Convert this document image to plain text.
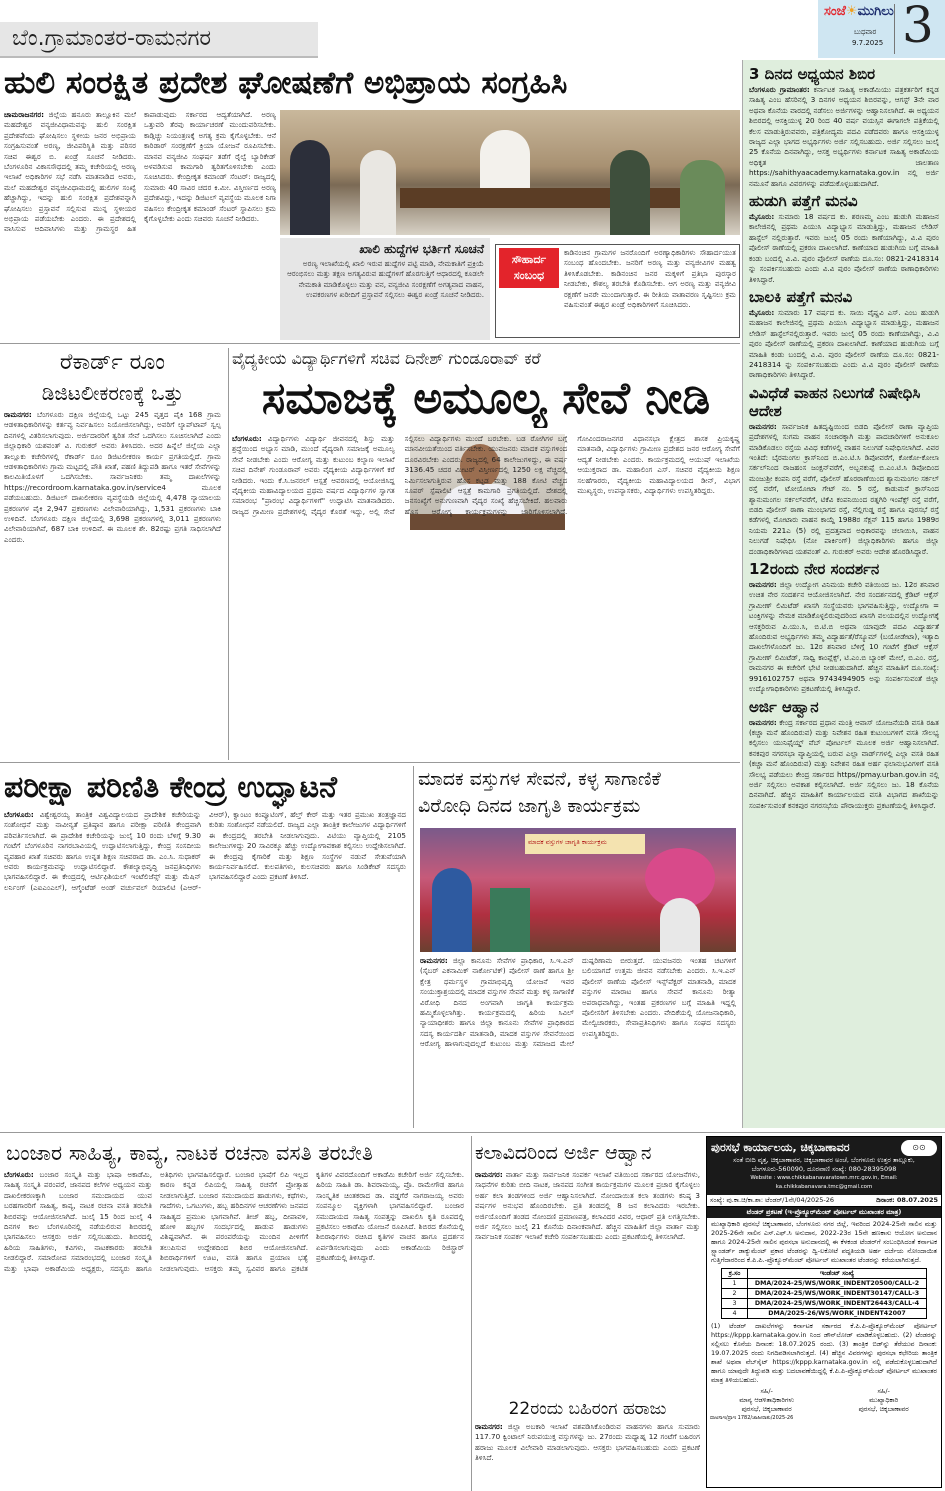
ಬೆಂ.ಗ್ರಾಮಾಂತರ-ರಾಮನಗರ
ಸಂಜೆ☀ಮುಗಿಲು
ಬುಧವಾರ
9.7.2025 3
ಹುಲಿ ಸಂರಕ್ಷಿತ ಪ್ರದೇಶ ಘೋಷಣೆಗೆ ಅಭಿಪ್ರಾಯ ಸಂಗ್ರಹಿಸಿ
ಚಾಮರಾಜನಗರ: ಜಿಲ್ಲೆಯ ಹನೂರು ತಾಲ್ಲೂಕಿನ ಮಲೆ ಮಹದೇಶ್ವರ ವನ್ಯಜೀವಿಧಾಮವನ್ನು ಹುಲಿ ಸಂರಕ್ಷಿತ ಪ್ರದೇಶವೆಂದು ಘೋಷಿಸಲು ಸ್ಥಳೀಯ ಜನರ ಅಭಿಪ್ರಾಯ ಸಂಗ್ರಹಿಸುವಂತೆ ಅರಣ್ಯ, ಜೀವಿಪರಿಸ್ಥಿತಿ ಮತ್ತು ಪರಿಸರ ಸಚಿವ ಈಶ್ವರ ಬಿ. ಖಂಡ್ರೆ ಸೂಚನೆ ನೀಡಿದರು. ಬೆಂಗಳೂರಿನ ವಿಕಾಸಸೌಧದಲ್ಲಿ ತಮ್ಮ ಕಚೇರಿಯಲ್ಲಿ ಅರಣ್ಯ ಇಲಾಖೆ ಅಧಿಕಾರಿಗಳ ಸಭೆ ನಡೆಸಿ ಮಾತನಾಡಿದ ಅವರು, ಮಲೆ ಮಹದೇಶ್ವರ ವನ್ಯಜೀವಿಧಾಮದಲ್ಲಿ ಹುಲಿಗಳ ಸಂಖ್ಯೆ ಹೆಚ್ಚಾಗಿದ್ದು, ಇದನ್ನು ಹುಲಿ ಸಂರಕ್ಷಿತ ಪ್ರದೇಶವನ್ನಾಗಿ ಘೋಷಿಸಲು ಪ್ರಸ್ತಾವನೆ ಸಲ್ಲಿಸುವ ಮುನ್ನ ಸ್ಥಳೀಯರ ಅಭಿಪ್ರಾಯ ಪಡೆಯಬೇಕು ಎಂದರು. ಈ ಪ್ರದೇಶದಲ್ಲಿ ವಾಸಿಸುವ ಆದಿವಾಸಿಗಳು ಮತ್ತು ಗ್ರಾಮಸ್ಥರ ಹಿತ ಕಾಪಾಡುವುದು ಸರ್ಕಾರದ ಆದ್ಯತೆಯಾಗಿದೆ. ಅರಣ್ಯ ಒತ್ತುವರಿ ತೆರವು ಕಾರ್ಯಾಚರಣೆ ಮುಂದುವರಿಸಬೇಕು. ಕಾಡ್ಗಿಚ್ಚು ನಿಯಂತ್ರಣಕ್ಕೆ ಅಗತ್ಯ ಕ್ರಮ ಕೈಗೊಳ್ಳಬೇಕು. ಆನೆ ಕಾರಿಡಾರ್ ಸಂರಕ್ಷಣೆಗೆ ಕ್ರಿಯಾ ಯೋಜನೆ ರೂಪಿಸಬೇಕು. ಮಾನವ ವನ್ಯಜೀವಿ ಸಂಘರ್ಷ ತಡೆಗೆ ರೈಲ್ವೆ ಬ್ಯಾರಿಕೇಡ್ ಅಳವಡಿಸುವ ಕಾಮಗಾರಿ ತ್ವರಿತಗೊಳಿಸಬೇಕು ಎಂದು ಸೂಚಿಸಿದರು. ಕೇಂದ್ರೀಕೃತ ಕಮಾಂಡ್ ಸೆಂಟರ್: ರಾಜ್ಯದಲ್ಲಿ ಸುಮಾರು 40 ಸಾವಿರ ಚದರ ಕಿ.ಮೀ. ವಿಸ್ತೀರ್ಣದ ಅರಣ್ಯ ಪ್ರದೇಶವಿದ್ದು, ಇದನ್ನು ಡಿಜಿಟಲ್ ವ್ಯವಸ್ಥೆಯ ಮೂಲಕ ನಿಗಾ ವಹಿಸಲು ಕೇಂದ್ರೀಕೃತ ಕಮಾಂಡ್ ಸೆಂಟರ್ ಸ್ಥಾಪಿಸಲು ಕ್ರಮ ಕೈಗೊಳ್ಳಬೇಕು ಎಂದು ಸಚಿವರು ಸೂಚನೆ ನೀಡಿದರು.
ಖಾಲಿ ಹುದ್ದೆಗಳ ಭರ್ತಿಗೆ ಸೂಚನೆ
ಅರಣ್ಯ ಇಲಾಖೆಯಲ್ಲಿ ಖಾಲಿ ಇರುವ ಹುದ್ದೆಗಳ ಪಟ್ಟಿ ಮಾಡಿ, ನೇಮಕಾತಿಗೆ ಪ್ರಕ್ರಿಯೆ ಆರಂಭಿಸಲು ಮತ್ತು ತಕ್ಷಣ ಅಗತ್ಯವಿರುವ ಹುದ್ದೆಗಳಿಗೆ ಹೊರಗುತ್ತಿಗೆ ಆಧಾರದಲ್ಲಿ ಕೂಡಲೇ ನೇಮಕಾತಿ ಮಾಡಿಕೊಳ್ಳಲು ಮತ್ತು ವನ, ವನ್ಯಜೀವಿ ಸಂರಕ್ಷಣೆಗೆ ಅಗತ್ಯವಾದ ವಾಹನ, ಉಪಕರಣಗಳ ಖರೀದಿಗೆ ಪ್ರಸ್ತಾವನೆ ಸಲ್ಲಿಸಲು ಈಶ್ವರ ಖಂಡ್ರೆ ಸೂಚನೆ ನೀಡಿದರು.
ಸೌಹಾರ್ದ ಸಂಬಂಧ
ಕಾಡಿನಂಚಿನ ಗ್ರಾಮಗಳ ಜನರೊಂದಿಗೆ ಅರಣ್ಯಾಧಿಕಾರಿಗಳು ಸೌಹಾರ್ದಯುತ ಸಂಬಂಧ ಹೊಂದಬೇಕು. ಜನರಿಗೆ ಅರಣ್ಯ ಮತ್ತು ವನ್ಯಜೀವಿಗಳ ಮಹತ್ವ ತಿಳಿಸಿಕೊಡಬೇಕು. ಕಾಡಿನಂಚಿನ ಜನರ ಮಕ್ಕಳಿಗೆ ಪ್ರತಿಭಾ ಪುರಸ್ಕಾರ ನೀಡಬೇಕು, ಕೌಶಲ್ಯ ತರಬೇತಿ ಕೊಡಿಸಬೇಕು. ಆಗ ಅರಣ್ಯ ಮತ್ತು ವನ್ಯಜೀವಿ ರಕ್ಷಣೆಗೆ ಜನರೇ ಮುಂದಾಗುತ್ತಾರೆ. ಈ ರೀತಿಯ ವಾತಾವರಣ ಸೃಷ್ಟಿಸಲು ಕ್ರಮ ವಹಿಸುವಂತೆ ಈಶ್ವರ ಖಂಡ್ರೆ ಅಧಿಕಾರಿಗಳಿಗೆ ಸೂಚಿಸಿದರು.
3 ದಿನದ ಅಧ್ಯಯನ ಶಿಬಿರ

ಬೆಂಗಳೂರು ಗ್ರಾಮಾಂತರ: ಕರ್ನಾಟಕ ಸಾಹಿತ್ಯ ಅಕಾಡೆಮಿಯು ಪತ್ರಕರ್ತರಿಗೆ ಕನ್ನಡ ಸಾಹಿತ್ಯ ಎಂಬ ಹೆಸರಿನಲ್ಲಿ 3 ದಿನಗಳ ಅಧ್ಯಯನ ಶಿಬಿರವನ್ನು, ಆಗಸ್ಟ್ 3ನೇ ವಾರ ಅಥವಾ ಕೊನೆಯ ವಾರದಲ್ಲಿ ನಡೆಸಲು ಅರ್ಜಿಗಳನ್ನು ಆಹ್ವಾನಿಸಲಾಗಿದೆ. ಈ ಅಧ್ಯಯನ ಶಿಬಿರದಲ್ಲಿ ಆಸಕ್ತಿಯುಳ್ಳ 20 ರಿಂದ 40 ವರ್ಷ ವಯಸ್ಸಿನ ಈಗಾಗಲೇ ಪತ್ರಿಕೆಯಲ್ಲಿ ಕೆಲಸ ಮಾಡುತ್ತಿರುವವರು, ಪತ್ರಿಕೋದ್ಯಮ ಪದವಿ ಪಡೆದವರು ಹಾಗೂ ಆಸಕ್ತಿಯುಳ್ಳ ರಾಜ್ಯದ ಎಲ್ಲಾ ಭಾಗದ ಅಭ್ಯರ್ಥಿಗಳು ಅರ್ಜಿ ಸಲ್ಲಿಸಬಹುದು. ಅರ್ಜಿ ಸಲ್ಲಿಸಲು ಜುಲೈ 25 ಕೊನೆಯ ದಿನವಾಗಿದ್ದು, ಆಸಕ್ತ ಅಭ್ಯರ್ಥಿಗಳು ಕರ್ನಾಟಕ ಸಾಹಿತ್ಯ ಅಕಾಡೆಮಿಯ ಅಧಿಕೃತ ಜಾಲತಾಣ https://sahithyaacademy.karnataka.gov.in ನಲ್ಲಿ ಅರ್ಜಿ ನಮೂನೆ ಹಾಗೂ ವಿವರಗಳನ್ನು ಪಡೆದುಕೊಳ್ಳಬಹುದಾಗಿದೆ.

ಹುಡುಗಿ ಪತ್ತೆಗೆ ಮನವಿ

ಮೈಸೂರು: ಸುಮಾರು 18 ವರ್ಷದ ಕು. ಶರಣಮ್ಮ ಎಂಬ ಹುಡುಗಿ ಮಹಾಜನ ಕಾಲೇಜಿನಲ್ಲಿ ಪ್ರಥಮ ಪಿಯುಸಿ ವಿದ್ಯಾಭ್ಯಾಸ ಮಾಡುತ್ತಿದ್ದು, ಮಹಾಜನ ಲೇಡಿಸ್ ಹಾಸ್ಟೆಲ್ ನಲ್ಲಿರುತ್ತಾರೆ. ಇವರು ಜುಲೈ 05 ರಂದು ಕಾಣೆಯಾಗಿದ್ದು, ವಿ.ವಿ ಪುರಂ ಪೊಲೀಸ್ ಠಾಣೆಯಲ್ಲಿ ಪ್ರಕರಣ ದಾಖಲಾಗಿದೆ. ಕಾಣೆಯಾದ ಹುಡುಗಿಯ ಬಗ್ಗೆ ಮಾಹಿತಿ ಕಂಡು ಬಂದಲ್ಲಿ ವಿ.ವಿ. ಪುರಂ ಪೊಲೀಸ್ ಠಾಣೆಯ ದೂ.ಸಂ: 0821-2418314 ನ್ನು ಸಂಪರ್ಕಿಸಬಹುದು ಎಂದು ವಿ.ವಿ ಪುರಂ ಪೊಲೀಸ್ ಠಾಣೆಯ ಠಾಣಾಧಿಕಾರಿಗಳು ತಿಳಿಸಿದ್ದಾರೆ.

ಬಾಲಕಿ ಪತ್ತೆಗೆ ಮನವಿ

ಮೈಸೂರು: ಸುಮಾರು 17 ವರ್ಷದ ಕು. ಸಾಯಿ ವೈಷ್ಣವಿ ಎಸ್. ಎಂಬ ಹುಡುಗಿ ಮಹಾಜನ ಕಾಲೇಜಿನಲ್ಲಿ ಪ್ರಥಮ ಪಿಯುಸಿ ವಿದ್ಯಾಭ್ಯಾಸ ಮಾಡುತ್ತಿದ್ದು, ಮಹಾಜನ ಲೇಡಿಸ್ ಹಾಸ್ಟೆಲ್‌ನಲ್ಲಿರುತ್ತಾರೆ. ಇವರು ಜುಲೈ 05 ರಂದು ಕಾಣೆಯಾಗಿದ್ದು, ವಿ.ವಿ ಪುರಂ ಪೊಲೀಸ್ ಠಾಣೆಯಲ್ಲಿ ಪ್ರಕರಣ ದಾಖಲಾಗಿದೆ. ಕಾಣೆಯಾದ ಹುಡುಗಿಯ ಬಗ್ಗೆ ಮಾಹಿತಿ ಕಂಡು ಬಂದಲ್ಲಿ ವಿ.ವಿ. ಪುರಂ ಪೊಲೀಸ್ ಠಾಣೆಯ ದೂ.ಸಂ: 0821-2418314 ನ್ನು ಸಂಪರ್ಕಿಸಬಹುದು ಎಂದು ವಿ.ವಿ ಪುರಂ ಪೊಲೀಸ್ ಠಾಣೆಯ ಠಾಣಾಧಿಕಾರಿಗಳು ತಿಳಿಸಿದ್ದಾರೆ.

ವಿವಿಧೆಡೆ ವಾಹನ ನಿಲುಗಡೆ ನಿಷೇಧಿಸಿ ಆದೇಶ

ರಾಮನಗರ: ಸಾರ್ವಜನಿಕ ಹಿತದೃಷ್ಟಿಯಿಂದ ಬಿಡದಿ ಪೊಲೀಸ್ ಠಾಣಾ ವ್ಯಾಪ್ತಿಯ ಪ್ರದೇಶಗಳಲ್ಲಿ ಸುಗಮ ವಾಹನ ಸಂಚಾರಕ್ಕಾಗಿ ಮತ್ತು ಪಾದಚಾರಿಗಳಿಗೆ ಅನುಕೂಲ ಮಾಡಿಕೊಡಲು ರಸ್ತೆಯ ವಿವಿಧ ಕಡೆಗಳಲ್ಲಿ ವಾಹನ ನಿಲುಗಡೆ ನಿಷೇಧಿಸಲಾಗಿದೆ. ವಿವರ ಇಂತಿದೆ: ಬೈರಮಂಗಲ ಕ್ರಾಸ್‌ನಿಂದ ಬಿ.ಎಂ.ಟಿ.ಸಿ ಡಿಪೋವರೆಗೆ, ಕೋಕೋ-ಕೋಲಾ ಸರ್ಕಲ್‌ನಿಂದ ರಾಜಹಂಸ ಜಂಕ್ಷನ್‌ವರೆಗೆ, ಅಬ್ಬನಕುಪ್ಪೆ ಬಿ.ಎಂ.ಟಿ.ಸಿ ಡಿಪೋದಿಂದ ಮಂಜುಶ್ರೀ ಕಂಪನಿ ರಸ್ತೆ ವರೆಗೆ, ಪೊಲೀಸ್ ಹೊರಠಾಣೆಯಿಂದ ಶ್ಯಾನುಮಂಗಲ ಸರ್ಕಲ್ ರಸ್ತೆ ವರೆಗೆ, ಟೋಯೋಟಾ ಗೇಟ್ ನಂ. 5 ರಸ್ತೆ, ಕಾಡುಮನೆ ಕ್ರಾಸ್‌ನಿಂದ ಶ್ಯಾನುಮಂಗಲ ಸರ್ಕಲ್‌ವರೆಗೆ, ಟಿಕೆವಿ ಕಂಪನಿಯಿಂದ ರತ್ನಗಿರಿ ಇಂಪೆಕ್ಸ್ ರಸ್ತೆ ವರೆಗೆ, ಬಿಡದಿ ಪೊಲೀಸ್ ಠಾಣಾ ಮುಂಭಾಗದ ರಸ್ತೆ, ನೆಲ್ಲಿಗುಡ್ಡ ರಸ್ತೆ ಹಾಗೂ ಪುರಸಭೆ ರಸ್ತೆ ಕಡೆಗಳಲ್ಲಿ ಮೋಟಾರು ವಾಹನ ಕಾಯ್ದೆ 1988ರ ಸೆಕ್ಷನ್ 115 ಹಾಗೂ 1989ರ ನಿಯಮ 221ಎ (5) ರಲ್ಲಿ ಪ್ರದತ್ತವಾದ ಅಧಿಕಾರವನ್ನು ಚಲಾಯಿಸಿ, ವಾಹನ ನಿಲುಗಡೆ ನಿಷೇಧಿಸಿ (ನೋ ಪಾರ್ಕಿಂಗ್) ಜಿಲ್ಲಾಧಿಕಾರಿಗಳು ಹಾಗೂ ಜಿಲ್ಲಾ ದಂಡಾಧಿಕಾರಿಗಳಾದ ಯಶವಂತ್ ವಿ. ಗುರುಕರ್ ಅವರು ಆದೇಶ ಹೊರಡಿಸಿದ್ದಾರೆ.

12ರಂದು ನೇರ ಸಂದರ್ಶನ

ರಾಮನಗರ: ಜಿಲ್ಲಾ ಉದ್ಯೋಗ ವಿನಿಮಯ ಕಚೇರಿ ವತಿಯಿಂದ ಜು. 12ರ ಶನಿವಾರ ಉಚಿತ ನೇರ ಸಂದರ್ಶನ ಆಯೋಜಿಸಲಾಗಿದೆ. ನೇರ ಸಂದರ್ಶನದಲ್ಲಿ ಕ್ರೆಡಿಟ್ ಆಕ್ಸೆಸ್ ಗ್ರಾಮೀಣ್ ಲಿಮಿಟೆಡ್ ಖಾಸಗಿ ಸಂಸ್ಥೆಯವರು ಭಾಗವಹಿಸುತ್ತಿದ್ದು, ಉದ್ಯೋಗಾ = ಟಂಕ್ತಿಗಳನ್ನು ನೇಮಕ ಮಾಡಿಕೊಳ್ಳಲಿರುವುದರಿಂದ ಖಾಸಗಿ ವಲಯದಲ್ಲಿನ ಉದ್ಯೋಗಕ್ಕೆ ಆಸಕ್ತರಿರುವ ಪಿ.ಯು.ಸಿ, ಬಿ.ಟಿ.ಬಿ ಅಥವಾ ಯಾವುದೇ ಪದವಿ ವಿದ್ಯಾರ್ಹತೆ ಹೊಂದಿರುವ ಅಭ್ಯರ್ಥಿಗಳು ತಮ್ಮ ವಿದ್ಯಾರ್ಹತೆ/ರೆಸ್ಯೂಮ್ (ಬಯೋಡೇಟಾ), ಇತ್ಯಾದಿ ದಾಖಲೆಗಳೊಂದಿಗೆ ಜು. 12ರ ಶನಿವಾರ ಬೆಳಿಗ್ಗೆ 10 ಗಂಟೆಗೆ ಕ್ರೆಡಿಟ್ ಆಕ್ಸೆಸ್ ಗ್ರಾಮೀಣ್ ಲಿಮಿಟೆಡ್, ಸಾಧ್ವಿ ಕಾಂಪ್ಲೆಕ್ಸ್, ಟಿ.ಎಂ.ಬಿ ಬ್ಯಾಂಕ್ ಮೇಲೆ, ಬಿ.ಎಂ. ರಸ್ತೆ, ರಾಮನಗರ ಈ ಕಚೇರಿಗೆ ಭೇಟಿ ನೀಡಬಹುದಾಗಿದೆ. ಹೆಚ್ಚಿನ ಮಾಹಿತಿಗೆ ದೂ.ಸಂಖ್ಯೆ: 9916102757 ಅಥವಾ 9743494905 ಅನ್ನು ಸಂಪರ್ಕಿಸುವಂತೆ ಜಿಲ್ಲಾ ಉದ್ಯೋಗಾಧಿಕಾರಿಗಳು ಪ್ರಕಟಣೆಯಲ್ಲಿ ತಿಳಿಸಿದ್ದಾರೆ.

ಅರ್ಜಿ ಆಹ್ವಾನ

ರಾಮನಗರ: ಕೇಂದ್ರ ಸರ್ಕಾರದ ಪ್ರಧಾನ ಮಂತ್ರಿ ಆವಾಸ್ ಯೋಜನೆಯಡಿ ವಸತಿ ರಹಿತ (ಕಚ್ಚಾ ಮನೆ ಹೊಂದಿರುವ) ಮತ್ತು ನಿವೇಶನ ರಹಿತ ಕುಟುಂಬಗಳಿಗೆ ವಸತಿ ಸೌಲಭ್ಯ ಕಲ್ಪಿಸಲು ಯುನಿಫೈಯ್ಡ್ ವೆಬ್ ಪೋರ್ಟಲ್ ಮೂಲಕ ಅರ್ಜಿ ಆಹ್ವಾನಿಸಲಾಗಿದೆ. ಕನಕಪುರ ನಗರಸಭಾ ವ್ಯಾಪ್ತಿಯಲ್ಲಿ ಬರುವ ಎಲ್ಲಾ ವಾರ್ಡ್‌ಗಳಲ್ಲಿ ಎಲ್ಲಾ ವಸತಿ ರಹಿತ (ಕಚ್ಚಾ ಮನೆ ಹೊಂದಿರುವ) ಮತ್ತು ನಿವೇಶನ ರಹಿತ ಅರ್ಹ ಫಲಾನುಭವಿಗಳಿಗೆ ವಸತಿ ಸೌಲಭ್ಯ ಪಡೆಯಲು ಕೇಂದ್ರ ಸರ್ಕಾರದ https//pmay.urban.gov.in ನಲ್ಲಿ ಅರ್ಜಿ ಸಲ್ಲಿಸಲು ಅವಕಾಶ ಕಲ್ಪಿಸಲಾಗಿದೆ. ಅರ್ಜಿ ಸಲ್ಲಿಸಲು ಜು. 18 ಕೊನೆಯ ದಿನವಾಗಿದೆ. ಹೆಚ್ಚಿನ ಮಾಹಿತಿಗೆ ಕಾರ್ಯಾಲಯದ ವಸತಿ ವಿಭಾಗದ ಶಾಖೆಯನ್ನು ಸಂಪರ್ಕಿಸುವಂತೆ ಕನಕಪುರ ನಗರಸಭೆಯ ಪೌರಾಯುಕ್ತರು ಪ್ರಕಟಣೆಯಲ್ಲಿ ತಿಳಿಸಿದ್ದಾರೆ.

ರೆಕಾರ್ಡ್ ರೂಂ
ಡಿಜಿಟಲೀಕರಣಕ್ಕೆ ಒತ್ತು
ರಾಮನಗರ: ಬೆಂಗಳೂರು ದಕ್ಷಿಣ ಜಿಲ್ಲೆಯಲ್ಲಿ ಒಟ್ಟು 245 ವೃತ್ತದ ಪೈಕಿ 168 ಗ್ರಾಮ ಆಡಳಿತಾಧಿಕಾರಿಗಳನ್ನು ಕರ್ತವ್ಯ ನಿರ್ವಹಿಸಲು ನಿಯೋಜಿಸಲಾಗಿದ್ದು, ಅವರಿಗೆ ಲ್ಯಾಪ್‌ಟಾಪ್ ಸ್ವಲ್ಪ ದಿನಗಳಲ್ಲಿ ವಿತರಿಸಲಾಗುವುದು. ಅರ್ಜಿದಾರರಿಗೆ ತ್ವರಿತ ಸೇವೆ ಒದಗಿಸಲು ಸೂಚಿಸಲಾಗಿದೆ ಎಂದು ಜಿಲ್ಲಾಧಿಕಾರಿ ಯಶವಂತ್ ವಿ. ಗುರುಕರ್ ಅವರು ತಿಳಿಸಿದರು. ಅದರ ಹಿನ್ನೆಲೆ ಜಿಲ್ಲೆಯ ಎಲ್ಲಾ ತಾಲ್ಲೂಕು ಕಚೇರಿಗಳಲ್ಲಿ ರೆಕಾರ್ಡ್ ರೂಂ ಡಿಜಿಟಲೀಕರಣ ಕಾರ್ಯ ಪ್ರಗತಿಯಲ್ಲಿದೆ. ಗ್ರಾಮ ಆಡಳಿತಾಧಿಕಾರಿಗಳು ಗ್ರಾಮ ಮಟ್ಟದಲ್ಲಿ ಪೌತಿ ಖಾತೆ, ಪಹಣಿ ತಿದ್ದುಪಡಿ ಹಾಗೂ ಇತರೆ ಸೇವೆಗಳನ್ನು ಕಾಲಮಿತಿಯೊಳಗೆ ಒದಗಿಸಬೇಕು. ಸಾರ್ವಜನಿಕರು ತಮ್ಮ ದಾಖಲೆಗಳನ್ನು https://recordroom.karnataka.gov.in/service4 ಮೂಲಕ ಪಡೆಯಬಹುದು. ಡಿಜಿಟಲ್ ದಾಖಲೀಕರಣ ವ್ಯವಸ್ಥೆಯಡಿ ಜಿಲ್ಲೆಯಲ್ಲಿ 4,478 ನ್ಯಾಯಾಲಯ ಪ್ರಕರಣಗಳ ಪೈಕಿ 2,947 ಪ್ರಕರಣಗಳು ವಿಲೇವಾರಿಯಾಗಿದ್ದು, 1,531 ಪ್ರಕರಣಗಳು ಬಾಕಿ ಉಳಿದಿವೆ. ಬೆಂಗಳೂರು ದಕ್ಷಿಣ ಜಿಲ್ಲೆಯಲ್ಲಿ 3,698 ಪ್ರಕರಣಗಳಲ್ಲಿ 3,011 ಪ್ರಕರಣಗಳು ವಿಲೇವಾರಿಯಾಗಿವೆ, 687 ಬಾಕಿ ಉಳಿದಿವೆ. ಈ ಮೂಲಕ ಶೇ. 82ರಷ್ಟು ಪ್ರಗತಿ ಸಾಧಿಸಲಾಗಿದೆ ಎಂದರು.
ವೈದ್ಯಕೀಯ ವಿದ್ಯಾರ್ಥಿಗಳಿಗೆ ಸಚಿವ ದಿನೇಶ್ ಗುಂಡೂರಾವ್ ಕರೆ
ಸಮಾಜಕ್ಕೆ ಅಮೂಲ್ಯ ಸೇವೆ ನೀಡಿ
ಬೆಂಗಳೂರು: ವಿದ್ಯಾರ್ಥಿಗಳು ವಿದ್ಯಾರ್ಥಿ ಜೀವನದಲ್ಲಿ ಶಿಸ್ತು ಮತ್ತು ಶ್ರದ್ಧೆಯಿಂದ ಅಭ್ಯಾಸ ಮಾಡಿ, ಮುಂದೆ ವೈದ್ಯರಾಗಿ ಸಮಾಜಕ್ಕೆ ಅಮೂಲ್ಯ ಸೇವೆ ನೀಡಬೇಕು ಎಂದು ಆರೋಗ್ಯ ಮತ್ತು ಕುಟುಂಬ ಕಲ್ಯಾಣ ಇಲಾಖೆ ಸಚಿವ ದಿನೇಶ್ ಗುಂಡೂರಾವ್ ಅವರು ವೈದ್ಯಕೀಯ ವಿದ್ಯಾರ್ಥಿಗಳಿಗೆ ಕರೆ ನೀಡಿದರು. ಇಂದು ಕೆ.ಸಿ.ಜನರಲ್ ಆಸ್ಪತ್ರೆ ಆವರಣದಲ್ಲಿ ಆಯೋಜಿಸಿದ್ದ ವೈದ್ಯಕೀಯ ಮಹಾವಿದ್ಯಾಲಯದ ಪ್ರಥಮ ವರ್ಷದ ವಿದ್ಯಾರ್ಥಿಗಳ ಸ್ವಾಗತ ಸಮಾರಂಭ "ಪ್ರಾರಂಭ ವಿದ್ಯಾರ್ಥಿಗಳಿಗೆ" ಉದ್ಘಾಟಿಸಿ ಮಾತನಾಡಿದರು. ರಾಜ್ಯದ ಗ್ರಾಮೀಣ ಪ್ರದೇಶಗಳಲ್ಲಿ ವೈದ್ಯರ ಕೊರತೆ ಇದ್ದು, ಅಲ್ಲಿ ಸೇವೆ ಸಲ್ಲಿಸಲು ವಿದ್ಯಾರ್ಥಿಗಳು ಮುಂದೆ ಬರಬೇಕು. ಬಡ ರೋಗಿಗಳ ಬಗ್ಗೆ ಮಾನವೀಯತೆಯಿಂದ ವರ್ತಿಸಬೇಕು. ಯುವಜನರು ಮಾದಕ ವಸ್ತುಗಳಿಂದ ದೂರವಿರಬೇಕು ಎಂದರು. ರಾಜ್ಯದಲ್ಲಿ 64 ಕಾಲೇಜುಗಳಿದ್ದು, ಈ ವರ್ಷ 3136.45 ಚದರ ಮೀಟರ್ ವಿಸ್ತೀರ್ಣದಲ್ಲಿ 1250 ಲಕ್ಷ ವೆಚ್ಚದಲ್ಲಿ ನಿರ್ಮಿಸಲಾಗುತ್ತಿರುವ ಹೊಸ ಕಟ್ಟಡ ಮತ್ತು 188 ಕೋಟಿ ವೆಚ್ಚದ ಸೂಪರ್ ಸ್ಪೆಷಾಲಿಟಿ ಆಸ್ಪತ್ರೆ ಕಾಮಗಾರಿ ಪ್ರಗತಿಯಲ್ಲಿದೆ. ದೇಶದಲ್ಲಿ ಜನಸಂಖ್ಯೆಗೆ ಅನುಗುಣವಾಗಿ ವೈದ್ಯರ ಸಂಖ್ಯೆ ಹೆಚ್ಚಿಸಬೇಕಿದೆ. ಹಲವಾರು ಹೊಸ ಆರೋಗ್ಯ ಕಾರ್ಯಕ್ರಮಗಳನ್ನು ಜಾರಿಗೊಳಿಸಲಾಗಿದೆ. ಗೋವಿಂದರಾಜನಗರ ವಿಧಾನಸಭಾ ಕ್ಷೇತ್ರದ ಶಾಸಕ ಪ್ರಿಯಕೃಷ್ಣ ಮಾತನಾಡಿ, ವಿದ್ಯಾರ್ಥಿಗಳು ಗ್ರಾಮೀಣ ಪ್ರದೇಶದ ಜನರ ಆರೋಗ್ಯ ಸೇವೆಗೆ ಆದ್ಯತೆ ನೀಡಬೇಕು ಎಂದರು. ಕಾರ್ಯಕ್ರಮದಲ್ಲಿ ಆಯುಷ್ ಇಲಾಖೆಯ ಆಯುಕ್ತರಾದ ಡಾ. ಮಹಾಲಿಂಗ ಎಸ್. ಸಚಿವರ ವೈದ್ಯಕೀಯ ಶಿಕ್ಷಣ ಸಲಹೆಗಾರರು, ವೈದ್ಯಕೀಯ ಮಹಾವಿದ್ಯಾಲಯದ ಡೀನ್, ವಿಭಾಗ ಮುಖ್ಯಸ್ಥರು, ಉಪನ್ಯಾಸಕರು, ವಿದ್ಯಾರ್ಥಿಗಳು ಉಪಸ್ಥಿತರಿದ್ದರು.
ಪರೀಕ್ಷಾ ಪರಿಣಿತಿ ಕೇಂದ್ರ ಉದ್ಘಾಟನೆ
ಬೆಂಗಳೂರು: ವಿಶ್ವೇಶ್ವರಯ್ಯ ತಾಂತ್ರಿಕ ವಿಶ್ವವಿದ್ಯಾಲಯದ ಪ್ರಾದೇಶಿಕ ಕಚೇರಿಯನ್ನು ಸಂಶೋಧನೆ ಮತ್ತು ನಾವೀನ್ಯತೆ ಪ್ರತಿಷ್ಠಾನ ಹಾಗೂ ಪರೀಕ್ಷಾ ಪರಿಣಿತಿ ಕೇಂದ್ರವಾಗಿ ಪರಿವರ್ತಿಸಲಾಗಿದೆ. ಈ ಪ್ರಾದೇಶಿಕ ಕಚೇರಿಯನ್ನು ಜುಲೈ 10 ರಂದು ಬೆಳಿಗ್ಗೆ 9.30 ಗಂಟೆಗೆ ಬೆಂಗಳೂರಿನ ನಾಗರಬಾವಿಯಲ್ಲಿ ಉದ್ಘಾಟಿಸಲಾಗುತ್ತಿದ್ದು, ಕೇಂದ್ರ ಸಂಸದೀಯ ವ್ಯವಹಾರ ಖಾತೆ ಸಚಿವರು ಹಾಗೂ ಉನ್ನತ ಶಿಕ್ಷಣ ಸಚಿವರಾದ ಡಾ. ಎಂ.ಸಿ. ಸುಧಾಕರ್ ಅವರು ಕಾರ್ಯಕ್ರಮವನ್ನು ಉದ್ಘಾಟಿಸಲಿದ್ದಾರೆ. ಕೌಶಲ್ಯಾಭಿವೃದ್ಧಿ ಜನಪ್ರತಿನಿಧಿಗಳು ಭಾಗವಹಿಸಲಿದ್ದಾರೆ. ಈ ಕೇಂದ್ರದಲ್ಲಿ ಆರ್ಟಿಫಿಶಿಯಲ್ ಇಂಟೆಲಿಜೆನ್ಸ್ ಮತ್ತು ಮೆಷಿನ್ ಲರ್ನಿಂಗ್ (ಎಐಎಂಎಲ್), ಆಗ್ಮೆಂಟೆಡ್ ಅಂಡ್ ವರ್ಚುವಲ್ ರಿಯಾಲಿಟಿ (ಎಆರ್-ವಿಆರ್), ಕ್ವಾಂಟಂ ಕಂಪ್ಯೂಟಿಂಗ್, ಹೆಲ್ತ್ ಕೇರ್ ಮತ್ತು ಇತರ ಪ್ರಮುಖ ತಂತ್ರಜ್ಞಾನದ ಕುರಿತು ಸಂಶೋಧನೆ ನಡೆಯಲಿದೆ. ರಾಜ್ಯದ ಎಲ್ಲಾ ತಾಂತ್ರಿಕ ಕಾಲೇಜುಗಳ ವಿದ್ಯಾರ್ಥಿಗಳಿಗೆ ಈ ಕೇಂದ್ರದಲ್ಲಿ ತರಬೇತಿ ನೀಡಲಾಗುವುದು. ವಿಟಿಯು ವ್ಯಾಪ್ತಿಯಲ್ಲಿ 2105 ಕಾಲೇಜುಗಳಿದ್ದು 20 ಸಾವಿರಕ್ಕೂ ಹೆಚ್ಚು ಉದ್ಯೋಗಾವಕಾಶ ಕಲ್ಪಿಸಲು ಉದ್ದೇಶಿಸಲಾಗಿದೆ. ಈ ಕೇಂದ್ರವು ಕೈಗಾರಿಕೆ ಮತ್ತು ಶಿಕ್ಷಣ ಸಂಸ್ಥೆಗಳ ನಡುವೆ ಸೇತುವೆಯಾಗಿ ಕಾರ್ಯನಿರ್ವಹಿಸಲಿದೆ. ಕುಲಪತಿಗಳು, ಕುಲಸಚಿವರು ಹಾಗೂ ಸಿಂಡಿಕೇಟ್ ಸದಸ್ಯರು ಭಾಗವಹಿಸಲಿದ್ದಾರೆ ಎಂದು ಪ್ರಕಟಣೆ ತಿಳಿಸಿದೆ.
ಮಾದಕ ವಸ್ತುಗಳ ಸೇವನೆ, ಕಳ್ಳ ಸಾಗಾಣಿಕೆ
ವಿರೋಧಿ ದಿನದ ಜಾಗೃತಿ ಕಾರ್ಯಕ್ರಮ
ಮಾದಕ ವಸ್ತುಗಳ ಜಾಗೃತಿ ಕಾರ್ಯಕ್ರಮ
ರಾಮನಗರ: ಜಿಲ್ಲಾ ಕಾನೂನು ಸೇವೆಗಳ ಪ್ರಾಧಿಕಾರ, ಸಿ.ಇ.ಎನ್ (ಸೈಬರ್ ಎಕನಾಮಿಕ್ ನಾರ್ಕೋಟಿಕ್) ಪೊಲೀಸ್ ಠಾಣೆ ಹಾಗೂ ಶ್ರೀ ಕ್ಷೇತ್ರ ಧರ್ಮಸ್ಥಳ ಗ್ರಾಮಾಭಿವೃದ್ಧಿ ಯೋಜನೆ ಇವರ ಸಂಯುಕ್ತಾಶ್ರಯದಲ್ಲಿ ಮಾದಕ ವಸ್ತುಗಳ ಸೇವನೆ ಮತ್ತು ಕಳ್ಳ ಸಾಗಾಣಿಕೆ ವಿರೋಧಿ ದಿನದ ಅಂಗವಾಗಿ ಜಾಗೃತಿ ಕಾರ್ಯಕ್ರಮ ಹಮ್ಮಿಕೊಳ್ಳಲಾಗಿತ್ತು. ಕಾರ್ಯಕ್ರಮದಲ್ಲಿ ಹಿರಿಯ ಸಿವಿಲ್ ನ್ಯಾಯಾಧೀಶರು ಹಾಗೂ ಜಿಲ್ಲಾ ಕಾನೂನು ಸೇವೆಗಳ ಪ್ರಾಧಿಕಾರದ ಸದಸ್ಯ ಕಾರ್ಯದರ್ಶಿ ಮಾತನಾಡಿ, ಮಾದಕ ವಸ್ತುಗಳ ಸೇವನೆಯಿಂದ ಆರೋಗ್ಯ ಹಾಳಾಗುವುದಲ್ಲದೆ ಕುಟುಂಬ ಮತ್ತು ಸಮಾಜದ ಮೇಲೆ ದುಷ್ಪರಿಣಾಮ ಬೀರುತ್ತದೆ. ಯುವಜನರು ಇಂತಹ ಚಟಗಳಿಗೆ ಬಲಿಯಾಗದೆ ಉತ್ತಮ ಜೀವನ ನಡೆಸಬೇಕು ಎಂದರು. ಸಿ.ಇ.ಎನ್ ಪೊಲೀಸ್ ಠಾಣೆಯ ಪೊಲೀಸ್ ಇನ್ಸ್‌ಪೆಕ್ಟರ್ ಮಾತನಾಡಿ, ಮಾದಕ ವಸ್ತುಗಳ ಮಾರಾಟ ಹಾಗೂ ಸೇವನೆ ಕಾನೂನು ರೀತ್ಯಾ ಅಪರಾಧವಾಗಿದ್ದು, ಇಂತಹ ಪ್ರಕರಣಗಳ ಬಗ್ಗೆ ಮಾಹಿತಿ ಇದ್ದಲ್ಲಿ ಪೊಲೀಸರಿಗೆ ತಿಳಿಸಬೇಕು ಎಂದರು. ವೇದಿಕೆಯಲ್ಲಿ ಯೋಜನಾಧಿಕಾರಿ, ಮೇಲ್ವಿಚಾರಕರು, ಸೇವಾಪ್ರತಿನಿಧಿಗಳು ಹಾಗೂ ಸಂಘದ ಸದಸ್ಯರು ಉಪಸ್ಥಿತರಿದ್ದರು.
ಬಂಜಾರ ಸಾಹಿತ್ಯ, ಕಾವ್ಯ, ನಾಟಕ ರಚನಾ ವಸತಿ ತರಬೇತಿ
ಬೆಂಗಳೂರು: ಬಂಜಾರ ಸಂಸ್ಕೃತಿ ಮತ್ತು ಭಾಷಾ ಅಕಾಡೆಮಿ, ಸಾಹಿತ್ಯ ಸಂಸ್ಕೃತಿ ಪರಂಪರೆ, ಜಾನಪದ ಕಲೆಗಳ ಅಧ್ಯಯನ ಮತ್ತು ದಾಖಲೀಕರಣಕ್ಕಾಗಿ ಬಂಜಾರ ಸಮುದಾಯದ ಯುವ ಬರಹಗಾರರಿಗೆ ಸಾಹಿತ್ಯ, ಕಾವ್ಯ, ನಾಟಕ ರಚನಾ ವಸತಿ ತರಬೇತಿ ಶಿಬಿರವನ್ನು ಆಯೋಜಿಸಲಾಗಿದೆ. ಜುಲೈ 15 ರಿಂದ ಜುಲೈ 4 ದಿನಗಳ ಕಾಲ ಬೆಂಗಳೂರಿನಲ್ಲಿ ನಡೆಯಲಿರುವ ಶಿಬಿರದಲ್ಲಿ ಭಾಗವಹಿಸಲು ಆಸಕ್ತರು ಅರ್ಜಿ ಸಲ್ಲಿಸಬಹುದು. ಶಿಬಿರದಲ್ಲಿ ಹಿರಿಯ ಸಾಹಿತಿಗಳು, ಕವಿಗಳು, ನಾಟಕಕಾರರು ತರಬೇತಿ ನೀಡಲಿದ್ದಾರೆ. ಸಮಾರೋಪ ಸಮಾರಂಭದಲ್ಲಿ ಬಂಜಾರ ಸಂಸ್ಕೃತಿ ಮತ್ತು ಭಾಷಾ ಅಕಾಡೆಮಿಯ ಅಧ್ಯಕ್ಷರು, ಸದಸ್ಯರು ಹಾಗೂ ಅತಿಥಿಗಳು ಭಾಗವಹಿಸಲಿದ್ದಾರೆ. ಬಂಜಾರ ಭಾಷೆಗೆ ಲಿಪಿ ಇಲ್ಲದ ಕಾರಣ ಕನ್ನಡ ಲಿಪಿಯಲ್ಲಿ ಸಾಹಿತ್ಯ ರಚನೆಗೆ ಪ್ರೋತ್ಸಾಹ ನೀಡಲಾಗುತ್ತಿದೆ. ಬಂಜಾರ ಸಮುದಾಯದ ಹಾಡುಗಳು, ಕಥೆಗಳು, ಗಾದೆಗಳು, ಒಗಟುಗಳು, ಹಬ್ಬ ಹರಿದಿನಗಳ ಆಚರಣೆಗಳು ಜನಪದ ಸಾಹಿತ್ಯದ ಪ್ರಮುಖ ಭಾಗವಾಗಿವೆ. ತೀಜ್ ಹಬ್ಬ, ದೀಪಾವಳಿ, ಹೋಳಿ ಹಬ್ಬಗಳ ಸಂದರ್ಭದಲ್ಲಿ ಹಾಡುವ ಹಾಡುಗಳು ವಿಶಿಷ್ಟವಾಗಿವೆ. ಈ ಪರಂಪರೆಯನ್ನು ಮುಂದಿನ ಪೀಳಿಗೆಗೆ ತಲುಪಿಸುವ ಉದ್ದೇಶದಿಂದ ಶಿಬಿರ ಆಯೋಜಿಸಲಾಗಿದೆ. ಶಿಬಿರಾರ್ಥಿಗಳಿಗೆ ಊಟ, ವಸತಿ ಹಾಗೂ ಪ್ರಯಾಣ ಭತ್ಯೆ ನೀಡಲಾಗುವುದು. ಆಸಕ್ತರು ತಮ್ಮ ಸ್ವವಿವರ ಹಾಗೂ ಪ್ರಕಟಿತ ಕೃತಿಗಳ ವಿವರದೊಂದಿಗೆ ಅಕಾಡೆಮಿ ಕಚೇರಿಗೆ ಅರ್ಜಿ ಸಲ್ಲಿಸಬೇಕು. ಹಿರಿಯ ಸಾಹಿತಿ ಡಾ. ಶಿವರಾಮಯ್ಯ, ಪ್ರೊ. ರಾಮೇಗೌಡ ಹಾಗೂ ಸಾಂಸ್ಕೃತಿಕ ಚಿಂತಕರಾದ ಡಾ. ವಡ್ಡಗೆರೆ ನಾಗರಾಜಯ್ಯ ಅವರು ಸಂಪನ್ಮೂಲ ವ್ಯಕ್ತಿಗಳಾಗಿ ಭಾಗವಹಿಸಲಿದ್ದಾರೆ. ಬಂಜಾರ ಸಮುದಾಯದ ಸಾಹಿತ್ಯ ಸಂಪತ್ತನ್ನು ದಾಖಲಿಸಿ ಕೃತಿ ರೂಪದಲ್ಲಿ ಪ್ರಕಟಿಸಲು ಅಕಾಡೆಮಿ ಯೋಜನೆ ರೂಪಿಸಿದೆ. ಶಿಬಿರದ ಕೊನೆಯಲ್ಲಿ ಶಿಬಿರಾರ್ಥಿಗಳು ರಚಿಸಿದ ಕೃತಿಗಳ ವಾಚನ ಹಾಗೂ ಪ್ರದರ್ಶನ ಏರ್ಪಡಿಸಲಾಗುವುದು ಎಂದು ಅಕಾಡೆಮಿಯ ರಿಜಿಸ್ಟ್ರಾರ್ ಪ್ರಕಟಣೆಯಲ್ಲಿ ತಿಳಿಸಿದ್ದಾರೆ.
ಕಲಾವಿದರಿಂದ ಅರ್ಜಿ ಆಹ್ವಾನ
ರಾಮನಗರ: ವಾರ್ತಾ ಮತ್ತು ಸಾರ್ವಜನಿಕ ಸಂಪರ್ಕ ಇಲಾಖೆ ವತಿಯಿಂದ ಸರ್ಕಾರದ ಯೋಜನೆಗಳು, ಸಾಧನೆಗಳ ಕುರಿತು ಬೀದಿ ನಾಟಕ, ಜಾನಪದ ಸಂಗೀತ ಕಾರ್ಯಕ್ರಮಗಳ ಮೂಲಕ ಪ್ರಚಾರ ಕೈಗೊಳ್ಳಲು ಅರ್ಹ ಕಲಾ ತಂಡಗಳಿಂದ ಅರ್ಜಿ ಆಹ್ವಾನಿಸಲಾಗಿದೆ. ನೋಂದಾಯಿತ ಕಲಾ ತಂಡಗಳು ಕನಿಷ್ಠ 3 ವರ್ಷಗಳ ಅನುಭವ ಹೊಂದಿರಬೇಕು. ಪ್ರತಿ ತಂಡದಲ್ಲಿ 8 ಜನ ಕಲಾವಿದರು ಇರಬೇಕು. ಅರ್ಜಿಯೊಂದಿಗೆ ತಂಡದ ನೋಂದಣಿ ಪ್ರಮಾಣಪತ್ರ, ಕಲಾವಿದರ ವಿವರ, ಆಧಾರ್ ಪ್ರತಿ ಲಗತ್ತಿಸಬೇಕು. ಅರ್ಜಿ ಸಲ್ಲಿಸಲು ಜುಲೈ 21 ಕೊನೆಯ ದಿನಾಂಕವಾಗಿದೆ. ಹೆಚ್ಚಿನ ಮಾಹಿತಿಗೆ ಜಿಲ್ಲಾ ವಾರ್ತಾ ಮತ್ತು ಸಾರ್ವಜನಿಕ ಸಂಪರ್ಕ ಇಲಾಖೆ ಕಚೇರಿ ಸಂಪರ್ಕಿಸಬಹುದು ಎಂದು ಪ್ರಕಟಣೆಯಲ್ಲಿ ತಿಳಿಸಲಾಗಿದೆ.
22ರಂದು ಬಹಿರಂಗ ಹರಾಜು
ರಾಮನಗರ: ಜಿಲ್ಲಾ ಅಬಕಾರಿ ಇಲಾಖೆ ವಶಪಡಿಸಿಕೊಂಡಿರುವ ವಾಹನಗಳು ಹಾಗೂ ಸುಮಾರು 117.70 ಕ್ವಿಂಟಾಲ್ ನಿರುಪಯುಕ್ತ ವಸ್ತುಗಳನ್ನು ಜು. 27ರಂದು ಮಧ್ಯಾಹ್ನ 12 ಗಂಟೆಗೆ ಬಹಿರಂಗ ಹರಾಜು ಮೂಲಕ ವಿಲೇವಾರಿ ಮಾಡಲಾಗುವುದು. ಆಸಕ್ತರು ಭಾಗವಹಿಸಬಹುದು ಎಂದು ಪ್ರಕಟಣೆ ತಿಳಿಸಿದೆ.
ಪುರಸಭೆ ಕಾರ್ಯಾಲಯ, ಚಿಕ್ಕಬಾಣಾವರ	⊙⊙
ಸಂತೆ ಬೀದಿ ವೃತ್ತ, ಚಿಕ್ಕಬಾಣಾವರ, ಚಿಕ್ಕಬಾಣಾವರ ಅಂಚೆ, ಬೆಂಗಳೂರು ಉತ್ತರ ತಾಲ್ಲೂಕು, ಬೆಂಗಳೂರು-560090, ದೂರವಾಣಿ ಸಂಖ್ಯೆ: 080-28395098
Website : www.chikkabanavaratown.mrc.gov.in, Email: ka.chikkabanavara.tmc@gmail.com
ಸಂಖ್ಯೆ: ಪು.ಕಾ.ಚಿ/ಕಾ.ಶಾ: ಟೆಂಡರ್/1ನೇ/04/2025-26	ದಿನಾಂಕ: 08.07.2025
ಟೆಂಡರ್ ಪ್ರಕಟಣೆ (ಇ-ಪ್ರೊಕ್ಯೂರ್‌ಮೆಂಟ್ ಪೋರ್ಟಲ್ ಮುಖಾಂತರ ಮಾತ್ರ)
ಮುಖ್ಯಾಧಿಕಾರಿ ಪುರಸಭೆ ಚಿಕ್ಕಬಾಣಾವರ, ಬೆಂಗಳೂರು ನಗರ ಜಿಲ್ಲೆ, ಇವರಿಂದ 2024-25ನೇ ಸಾಲಿನ ಮತ್ತು 2025-26ನೇ ಸಾಲಿನ ಎಸ್.ಎಫ್.ಸಿ ಅನುದಾನ, 2022-23ರ 15ನೇ ಹಣಕಾಸು ಆಯೋಗ ಅನುದಾನ ಹಾಗೂ 2024-25ನೇ ಸಾಲಿನ ಪುರಸಭಾ ಅನುದಾನದಲ್ಲಿ ಈ ಕೆಳಕಂಡ ಟೆಂಡರ್‌ಗೆ ಸಂಬಂಧಿಸಿದಂತೆ ಕರ್ನಾಟಕ ಸ್ಟ್ಯಾಂಡರ್ಡ್ ಡಾಕ್ಯುಮೆಂಟ್ ಪ್ರಕಾರ ಟೆಂಡರನ್ನು ದ್ವಿ-ಲಕೋಟೆ ಪದ್ಧತಿಯಡಿ ಅರ್ಹ ದರ್ಜೆಯ ನೋಂದಾಯಿತ ಗುತ್ತಿಗೆದಾರರಿಂದ ಕೆ.ಪಿ.ಪಿ.-ಪ್ರೊಕ್ಯೂರ್‌ಮೆಂಟ್ ಪೋರ್ಟಲ್ ಮುಖಾಂತರ ಟೆಂಡರನ್ನು ಕರೆಯಲಾಗಿರುತ್ತದೆ.
ಕ್ರ.ಸಂ	ಇಂಡೆಂಟ್ ಸಂಖ್ಯೆ
1	DMA/2024-25/WS/WORK_INDENT20500/CALL-2
2	DMA/2024-25/WS/WORK_INDENT30147/CALL-3
3	DMA/2024-25/WS/WORK_INDENT26443/CALL-4
4	DMA/2025-26/WS/WORK_INDENT42007
(1) ಟೆಂಡರ್ ದಾಖಲೆಗಳನ್ನು ಕರ್ನಾಟಕ ಸರ್ಕಾರದ ಕೆ.ಪಿ.ಪಿ-ಪ್ರೊಕ್ಯೂರ್‌ಮೆಂಟ್ ಪೋರ್ಟಲ್ https://kppp.karnataka.gov.in ನಿಂದ ಡೌನ್‌ಲೋಡ್ ಮಾಡಿಕೊಳ್ಳಬಹುದು. (2) ಟೆಂಡರನ್ನು ಸಲ್ಲಿಸಲು ಕೊನೆಯ ದಿನಾಂಕ: 18.07.2025 ರಂದು. (3) ತಾಂತ್ರಿಕ ಬಿಡ್‌ನ್ನು ತೆರೆಯುವ ದಿನಾಂಕ: 19.07.2025 ರಂದು ನಿಗದಿಪಡಿಸಲಾಗಿರುತ್ತದೆ. (4) ಹೆಚ್ಚಿನ ವಿವರಗಳನ್ನು ಪುರಸಭಾ ಕಛೇರಿಯ ತಾಂತ್ರಿಕ ಶಾಖೆ ಅಥವಾ ವೆಬ್‌ಸೈಟ್ https://kppp.karnataka.gov.in ನಲ್ಲಿ ಪಡೆದುಕೊಳ್ಳಬಹುದಾಗಿದೆ ಹಾಗೂ ಯಾವುದೇ ತಿದ್ದುಪಡಿ ಮತ್ತು ಬದಲಾವಣೆಯಿದ್ದಲ್ಲಿ ಕೆ.ಪಿ.ಪಿ-ಪ್ರೊಕ್ಯೂರ್‌ಮೆಂಟ್ ಪೋರ್ಟಲ್ ಮುಖಾಂತರ ಮಾತ್ರ ತಿಳಿಯಬಹುದು.
ಸಹಿ/-
ಮಾನ್ಯ ಆಡಳಿತಾಧಿಕಾರಿಗಳು
ಪುರಸಭೆ, ಚಿಕ್ಕಬಾಣಾವರ
ಸಹಿ/-
ಮುಖ್ಯಾಧಿಕಾರಿ
ಪುರಸಭೆ, ಚಿಕ್ಕಬಾಣಾವರ
ವಾಅಸಾಇ/ಪ್ರಾಇ 1782/ಜಾಹೀರಾತು/2025-26
